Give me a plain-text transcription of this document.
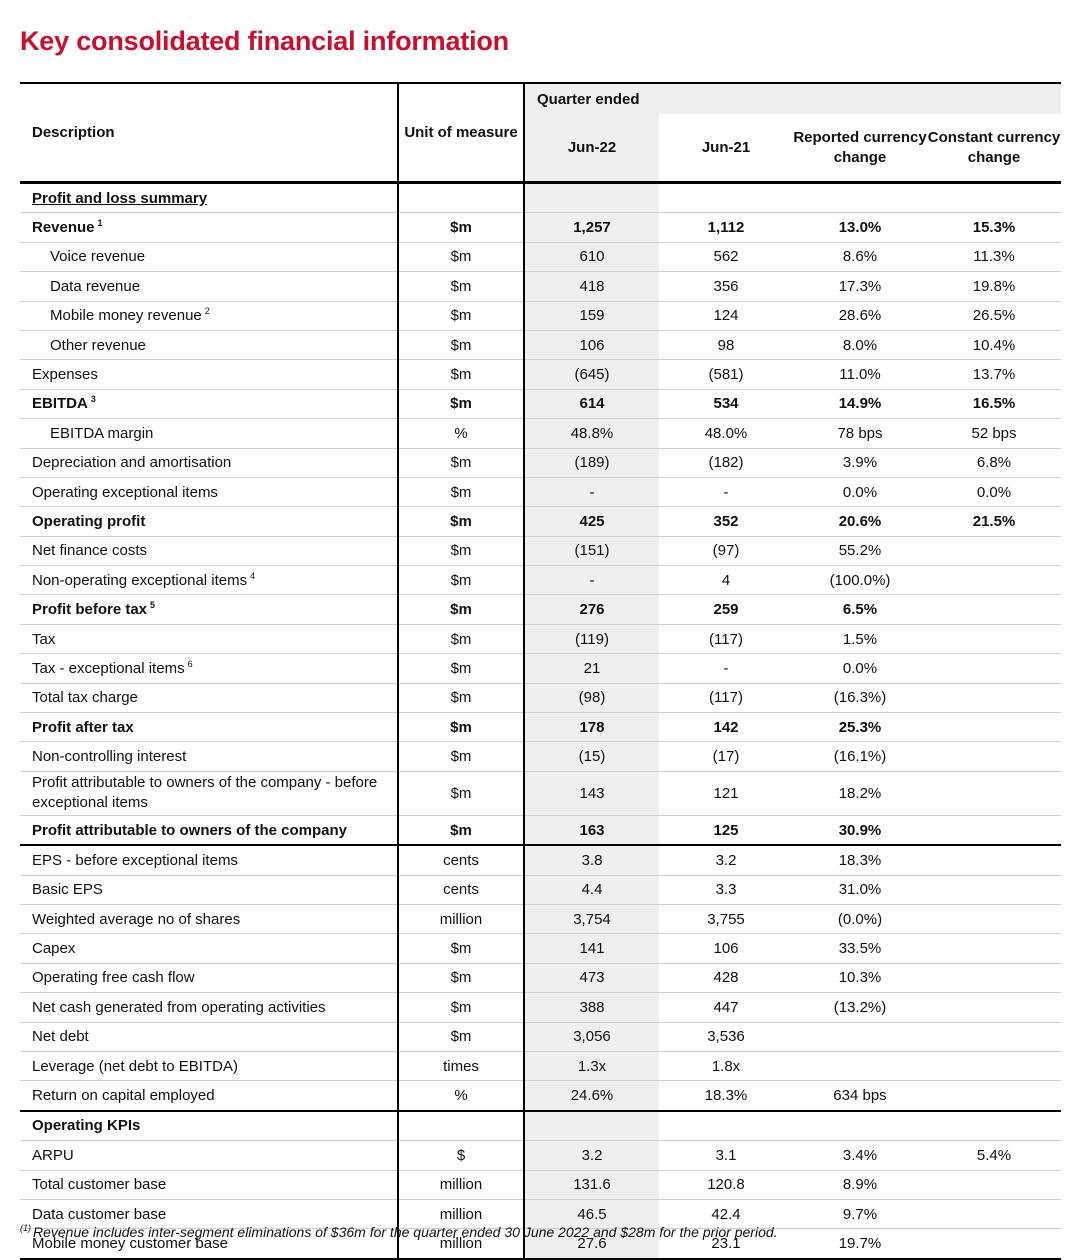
Key consolidated financial information
Description	Unit of measure	Quarter ended			
		Jun-22	Jun-21	Reported currency change	Constant currency change
Profit and loss summary					
Revenue $^1$	$m	1,257	1,112	13.0%	15.3%
Voice revenue	$m	610	562	8.6%	11.3%
Data revenue	$m	418	356	17.3%	19.8%
Mobile money revenue $^2$	$m	159	124	28.6%	26.5%
Other revenue	$m	106	98	8.0%	10.4%
Expenses	$m	(645)	(581)	11.0%	13.7%
EBITDA $^3$	$m	614	534	14.9%	16.5%
EBITDA margin	%	48.8%	48.0%	78 bps	52 bps
Depreciation and amortisation	$m	(189)	(182)	3.9%	6.8%
Operating exceptional items	$m	-	-	0.0%	0.0%
Operating profit	$m	425	352	20.6%	21.5%
Net finance costs	$m	(151)	(97)	55.2%	
Non-operating exceptional items $^4$	$m	-	4	(100.0%)	
Profit before tax $^5$	$m	276	259	6.5%	
Tax	$m	(119)	(117)	1.5%	
Tax - exceptional items $^6$	$m	21	-	0.0%	
Total tax charge	$m	(98)	(117)	(16.3%)	
Profit after tax	$m	178	142	25.3%	
Non-controlling interest	$m	(15)	(17)	(16.1%)	
Profit attributable to owners of the company - before exceptional items	$m	143	121	18.2%	
Profit attributable to owners of the company	$m	163	125	30.9%	
EPS - before exceptional items	cents	3.8	3.2	18.3%	
Basic EPS	cents	4.4	3.3	31.0%	
Weighted average no of shares	million	3,754	3,755	(0.0%)	
Capex	$m	141	106	33.5%	
Operating free cash flow	$m	473	428	10.3%	
Net cash generated from operating activities	$m	388	447	(13.2%)	
Net debt	$m	3,056	3,536		
Leverage (net debt to EBITDA)	times	1.3x	1.8x		
Return on capital employed	%	24.6%	18.3%	634 bps	
Operating KPIs					
ARPU	$	3.2	3.1	3.4%	5.4%
Total customer base	million	131.6	120.8	8.9%	
Data customer base	million	46.5	42.4	9.7%	
Mobile money customer base	million	27.6	23.1	19.7%	
$^{(1)}$ Revenue includes inter-segment eliminations of $36m for the quarter ended 30 June 2022 and $28m for the prior period.
